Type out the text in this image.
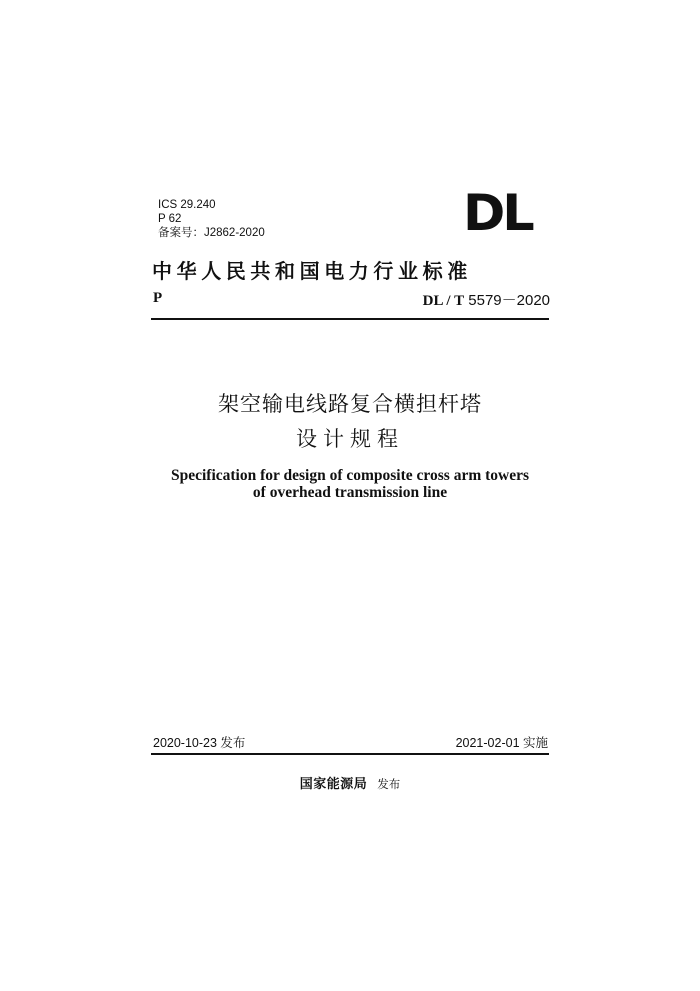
ICS 29.240
P 62
备案号：J2862-2020	DL
中华人民共和国电力行业标准
P	DL / T 5579－2020
架空输电线路复合横担杆塔
设计规程
Specification for design of composite cross arm towers
of overhead transmission line
2020-10-23 发布	2021-02-01 实施
国家能源局 发布
